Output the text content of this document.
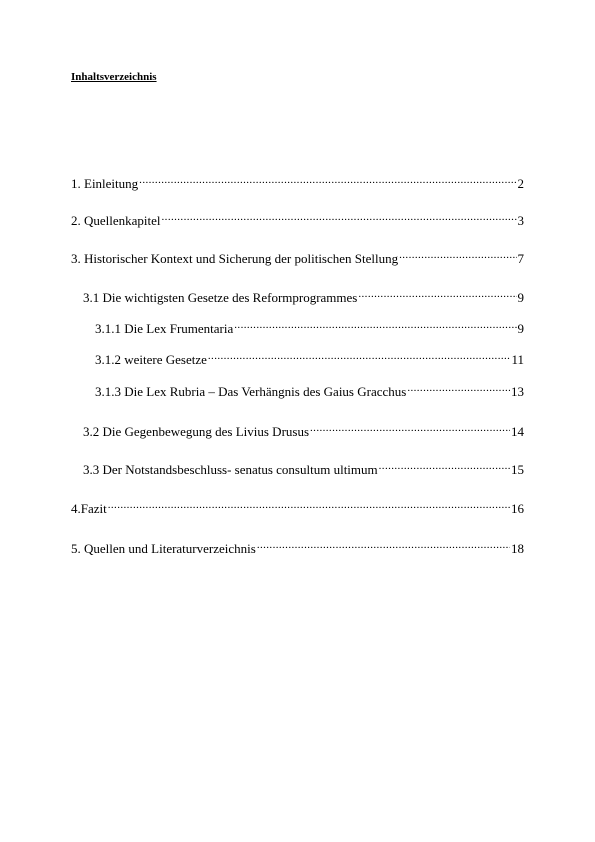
Inhaltsverzeichnis
1. Einleitung .....	2
2. Quellenkapitel .....	3
3. Historischer Kontext und Sicherung der politischen Stellung .....	7
3.1 Die wichtigsten Gesetze des Reformprogrammes .....	9
3.1.1 Die Lex Frumentaria .....	9
3.1.2 weitere Gesetze .....	11
3.1.3 Die Lex Rubria – Das Verhängnis des Gaius Gracchus .....	13
3.2 Die Gegenbewegung des Livius Drusus .....	14
3.3 Der Notstandsbeschluss- senatus consultum ultimum .....	15
4.Fazit .....	16
5. Quellen und Literaturverzeichnis .....	18
